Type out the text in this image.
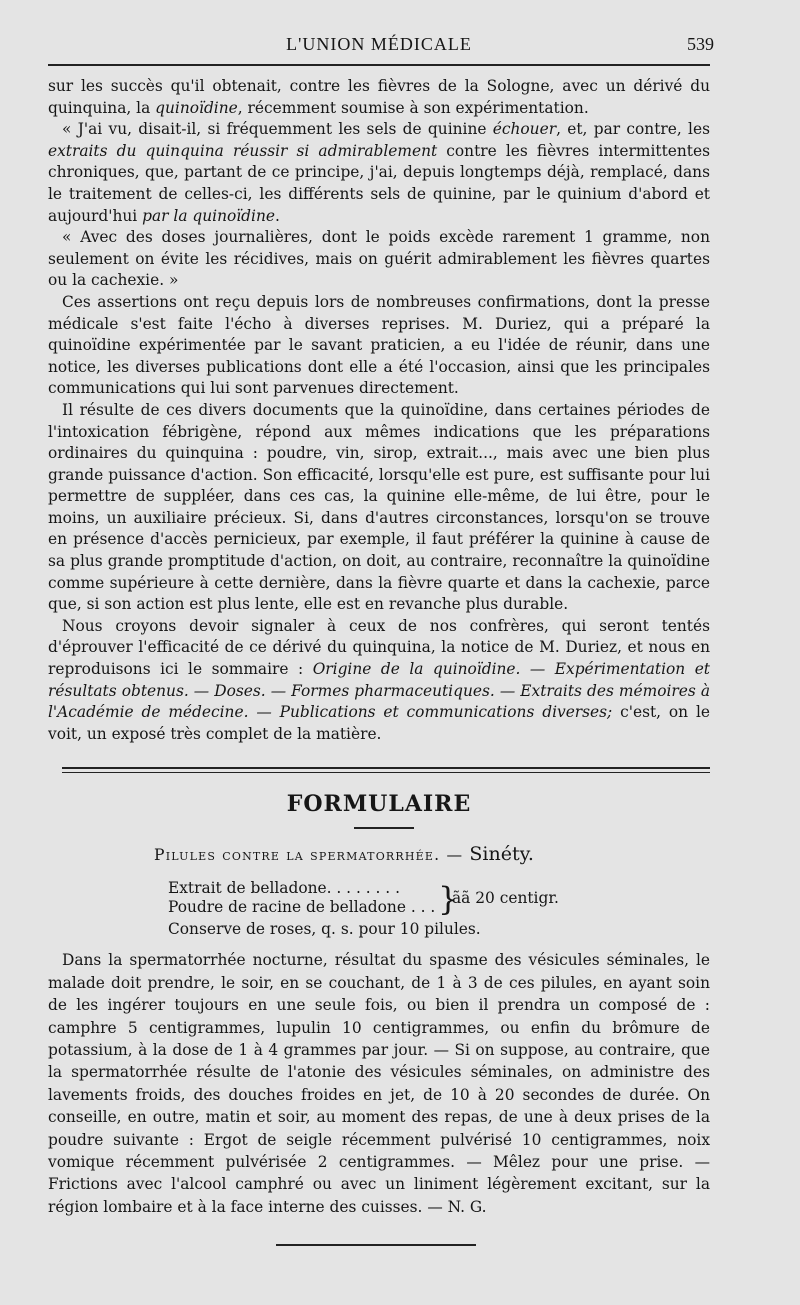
L'UNION MÉDICALE	539

sur les succès qu'il obtenait, contre les fièvres de la Sologne, avec un dérivé du quinquina, la quinoïdine, récemment soumise à son expérimentation.

« J'ai vu, disait-il, si fréquemment les sels de quinine échouer, et, par contre, les extraits du quinquina réussir si admirablement contre les fièvres intermittentes chroniques, que, partant de ce principe, j'ai, depuis longtemps déjà, remplacé, dans le traitement de celles-ci, les différents sels de quinine, par le quinium d'abord et aujourd'hui par la quinoïdine.

« Avec des doses journalières, dont le poids excède rarement 1 gramme, non seulement on évite les récidives, mais on guérit admirablement les fièvres quartes ou la cachexie. »

Ces assertions ont reçu depuis lors de nombreuses confirmations, dont la presse médicale s'est faite l'écho à diverses reprises. M. Duriez, qui a préparé la quinoïdine expérimentée par le savant praticien, a eu l'idée de réunir, dans une notice, les diverses publications dont elle a été l'occasion, ainsi que les principales communications qui lui sont parvenues directement.

Il résulte de ces divers documents que la quinoïdine, dans certaines périodes de l'intoxication fébrigène, répond aux mêmes indications que les préparations ordinaires du quinquina : poudre, vin, sirop, extrait..., mais avec une bien plus grande puissance d'action. Son efficacité, lorsqu'elle est pure, est suffisante pour lui permettre de suppléer, dans ces cas, la quinine elle-même, de lui être, pour le moins, un auxiliaire précieux. Si, dans d'autres circonstances, lorsqu'on se trouve en présence d'accès pernicieux, par exemple, il faut préférer la quinine à cause de sa plus grande promptitude d'action, on doit, au contraire, reconnaître la quinoïdine comme supérieure à cette dernière, dans la fièvre quarte et dans la cachexie, parce que, si son action est plus lente, elle est en revanche plus durable.

Nous croyons devoir signaler à ceux de nos confrères, qui seront tentés d'éprouver l'efficacité de ce dérivé du quinquina, la notice de M. Duriez, et nous en reproduisons ici le sommaire : Origine de la quinoïdine. — Expérimentation et résultats obtenus. — Doses. — Formes pharmaceutiques. — Extraits des mémoires à l'Académie de médecine. — Publications et communications diverses; c'est, on le voit, un exposé très complet de la matière.

FORMULAIRE
Pilules contre la spermatorrhée. — Sinéty.
Extrait de belladone. . . . . . . .
Poudre de racine de belladone . . . }
ãã 20 centigr.
Conserve de roses, q. s. pour 10 pilules.

Dans la spermatorrhée nocturne, résultat du spasme des vésicules séminales, le malade doit prendre, le soir, en se couchant, de 1 à 3 de ces pilules, en ayant soin de les ingérer toujours en une seule fois, ou bien il prendra un composé de : camphre 5 centigrammes, lupulin 10 centigrammes, ou enfin du brômure de potassium, à la dose de 1 à 4 grammes par jour. — Si on suppose, au contraire, que la spermatorrhée résulte de l'atonie des vésicules séminales, on administre des lavements froids, des douches froides en jet, de 10 à 20 secondes de durée. On conseille, en outre, matin et soir, au moment des repas, de une à deux prises de la poudre suivante : Ergot de seigle récemment pulvérisé 10 centigrammes, noix vomique récemment pulvérisée 2 centigrammes. — Mêlez pour une prise. — Frictions avec l'alcool camphré ou avec un liniment légèrement excitant, sur la région lombaire et à la face interne des cuisses. — N. G.
